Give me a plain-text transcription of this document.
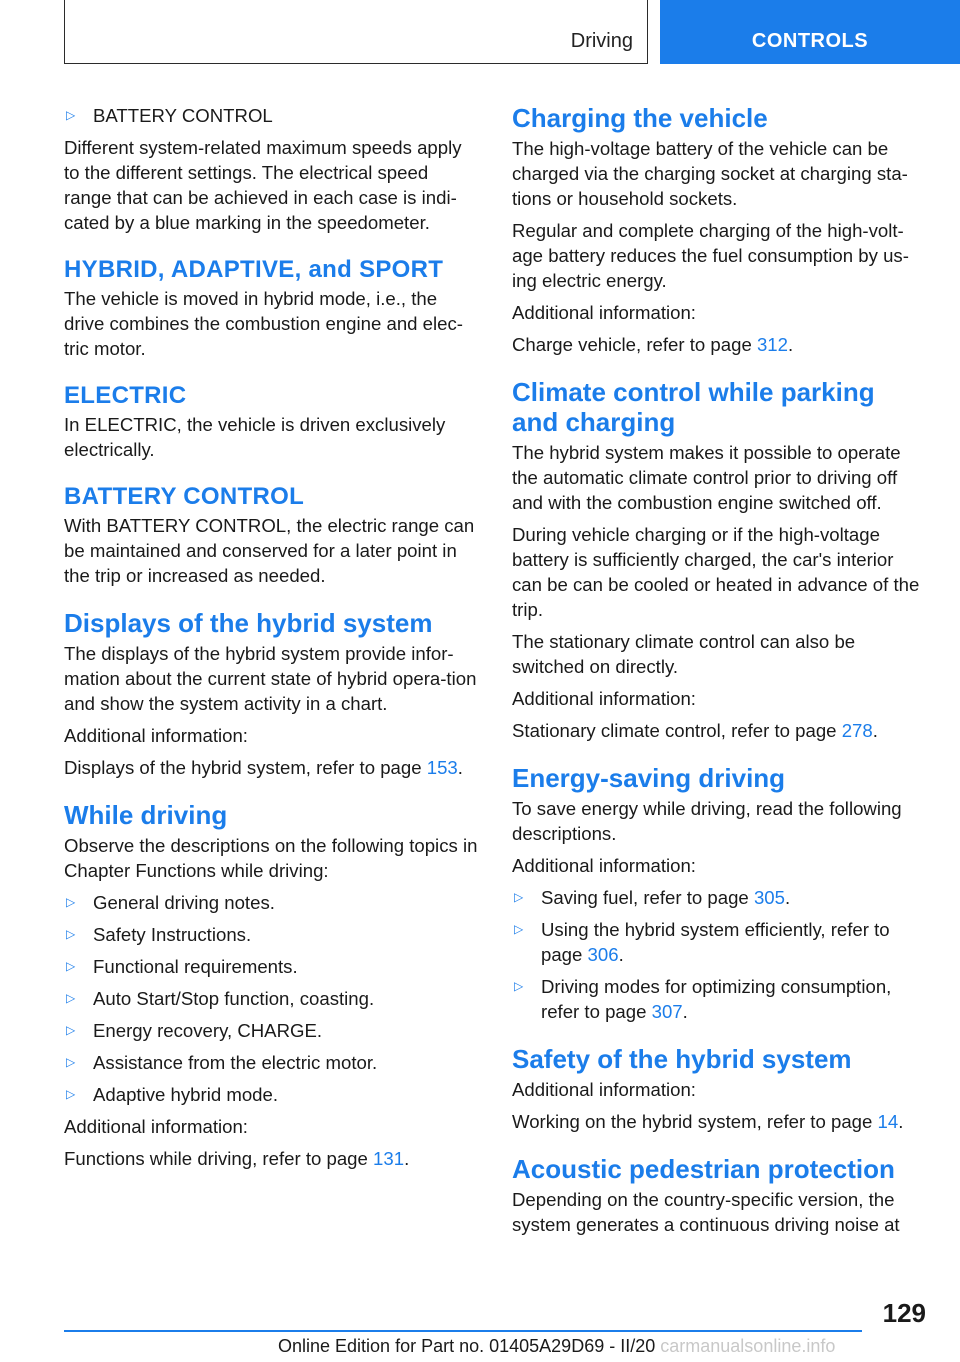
Driving	CONTROLS
▷ BATTERY CONTROL

Different system-related maximum speeds apply to the different settings. The electrical speed range that can be achieved in each case is indi-cated by a blue marking in the speedometer.

HYBRID, ADAPTIVE, and SPORT

The vehicle is moved in hybrid mode, i.e., the drive combines the combustion engine and elec-tric motor.

ELECTRIC

In ELECTRIC, the vehicle is driven exclusively electrically.

BATTERY CONTROL

With BATTERY CONTROL, the electric range can be maintained and conserved for a later point in the trip or increased as needed.

Displays of the hybrid system

The displays of the hybrid system provide infor-mation about the current state of hybrid opera-tion and show the system activity in a chart.

Additional information:

Displays of the hybrid system, refer to page 153.

While driving

Observe the descriptions on the following topics in Chapter Functions while driving:

▷ General driving notes.
▷ Safety Instructions.
▷ Functional requirements.
▷ Auto Start/Stop function, coasting.
▷ Energy recovery, CHARGE.
▷ Assistance from the electric motor.
▷ Adaptive hybrid mode.

Additional information:

Functions while driving, refer to page 131.

Charging the vehicle

The high-voltage battery of the vehicle can be charged via the charging socket at charging sta-tions or household sockets.

Regular and complete charging of the high-volt-age battery reduces the fuel consumption by us-ing electric energy.

Additional information:

Charge vehicle, refer to page 312.

Climate control while parking and charging

The hybrid system makes it possible to operate the automatic climate control prior to driving off and with the combustion engine switched off.

During vehicle charging or if the high-voltage battery is sufficiently charged, the car's interior can be can be cooled or heated in advance of the trip.

The stationary climate control can also be switched on directly.

Additional information:

Stationary climate control, refer to page 278.

Energy-saving driving

To save energy while driving, read the following descriptions.

Additional information:

▷ Saving fuel, refer to page 305.
▷ Using the hybrid system efficiently, refer to page 306.
▷ Driving modes for optimizing consumption, refer to page 307.
Safety of the hybrid system

Additional information:

Working on the hybrid system, refer to page 14.

Acoustic pedestrian protection

Depending on the country-specific version, the system generates a continuous driving noise at

129
Online Edition for Part no. 01405A29D69 - II/20 carmanualsonline.info
